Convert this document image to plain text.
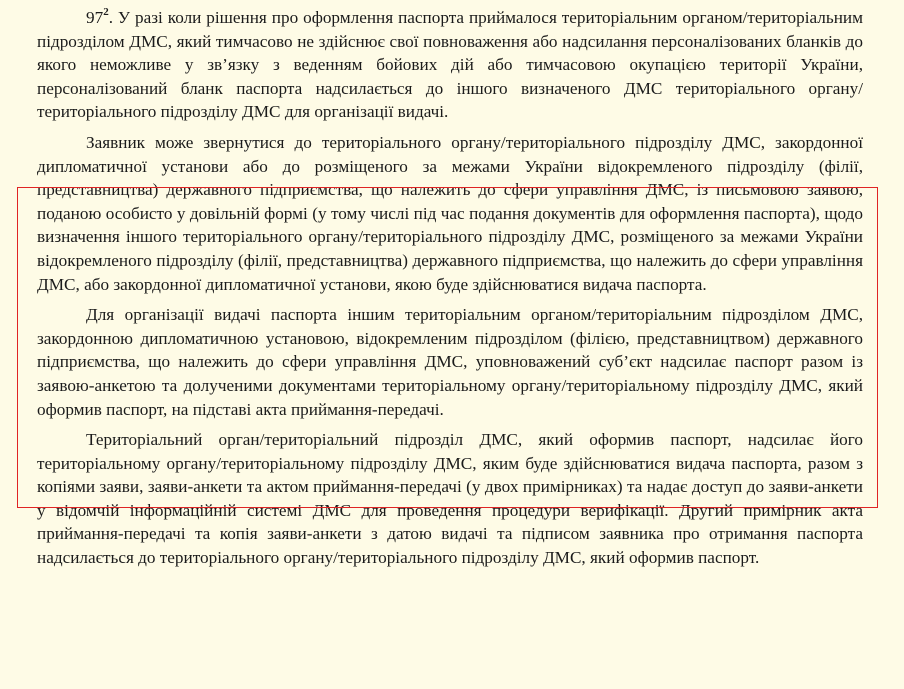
$97^2$. У разі коли рішення про оформлення паспорта приймалося територіальним органом/територіальним підрозділом ДМС, який тимчасово не здійснює свої повноваження або надсилання персоналізованих бланків до якого неможливе у зв’язку з веденням бойових дій або тимчасовою окупацією території України, персоналізований бланк паспорта надсилається до іншого визначеного ДМС територіального органу/територіального підрозділу ДМС для організації видачі.

Заявник може звернутися до територіального органу/територіального підрозділу ДМС, закордонної дипломатичної установи або до розміщеного за межами України відокремленого підрозділу (філії, представництва) державного підприємства, що належить до сфери управління ДМС, із письмовою заявою, поданою особисто у довільній формі (у тому числі під час подання документів для оформлення паспорта), щодо визначення іншого територіального органу/територіального підрозділу ДМС, розміщеного за межами України відокремленого підрозділу (філії, представництва) державного підприємства, що належить до сфери управління ДМС, або закордонної дипломатичної установи, якою буде здійснюватися видача паспорта.

Для організації видачі паспорта іншим територіальним органом/територіальним підрозділом ДМС, закордонною дипломатичною установою, відокремленим підрозділом (філією, представництвом) державного підприємства, що належить до сфери управління ДМС, уповноважений суб’єкт надсилає паспорт разом із заявою-анкетою та долученими документами територіальному органу/територіальному підрозділу ДМС, який оформив паспорт, на підставі акта приймання-передачі.

Територіальний орган/територіальний підрозділ ДМС, який оформив паспорт, надсилає його територіальному органу/територіальному підрозділу ДМС, яким буде здійснюватися видача паспорта, разом з копіями заяви, заяви-анкети та актом приймання-передачі (у двох примірниках) та надає доступ до заяви-анкети у відомчій інформаційній системі ДМС для проведення процедури верифікації. Другий примірник акта приймання-передачі та копія заяви-анкети з датою видачі та підписом заявника про отримання паспорта надсилається до територіального органу/територіального підрозділу ДМС, який оформив паспорт.
